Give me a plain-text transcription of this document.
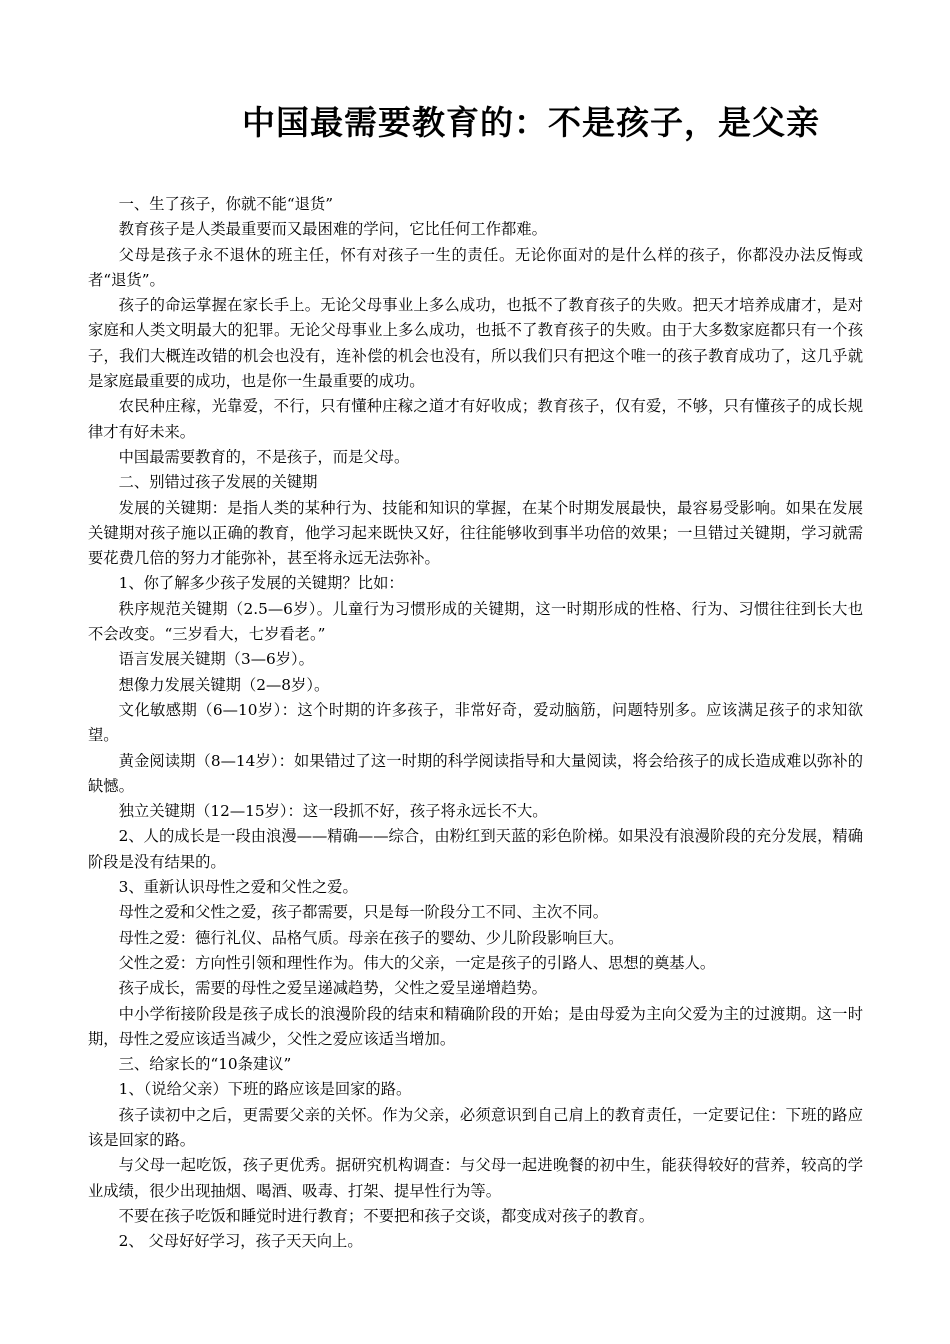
中国最需要教育的：不是孩子，是父亲

一、生了孩子，你就不能“退货”

教育孩子是人类最重要而又最困难的学问，它比任何工作都难。

父母是孩子永不退休的班主任，怀有对孩子一生的责任。无论你面对的是什么样的孩子，你都没办法反悔或者“退货”。

孩子的命运掌握在家长手上。无论父母事业上多么成功，也抵不了教育孩子的失败。把天才培养成庸才，是对家庭和人类文明最大的犯罪。无论父母事业上多么成功，也抵不了教育孩子的失败。由于大多数家庭都只有一个孩子，我们大概连改错的机会也没有，连补偿的机会也没有，所以我们只有把这个唯一的孩子教育成功了，这几乎就是家庭最重要的成功，也是你一生最重要的成功。

农民种庄稼，光靠爱，不行，只有懂种庄稼之道才有好收成；教育孩子，仅有爱，不够，只有懂孩子的成长规律才有好未来。

中国最需要教育的，不是孩子，而是父母。

二、别错过孩子发展的关键期

发展的关键期：是指人类的某种行为、技能和知识的掌握，在某个时期发展最快，最容易受影响。如果在发展关键期对孩子施以正确的教育，他学习起来既快又好，往往能够收到事半功倍的效果；一旦错过关键期，学习就需要花费几倍的努力才能弥补，甚至将永远无法弥补。

1、你了解多少孩子发展的关键期？比如：

秩序规范关键期（2.5—6岁）。儿童行为习惯形成的关键期，这一时期形成的性格、行为、习惯往往到长大也不会改变。“三岁看大，七岁看老。”

语言发展关键期（3—6岁）。

想像力发展关键期（2—8岁）。

文化敏感期（6—10岁）：这个时期的许多孩子，非常好奇，爱动脑筋，问题特别多。应该满足孩子的求知欲望。

黄金阅读期（8—14岁）：如果错过了这一时期的科学阅读指导和大量阅读，将会给孩子的成长造成难以弥补的缺憾。

独立关键期（12—15岁）：这一段抓不好，孩子将永远长不大。

2、人的成长是一段由浪漫——精确——综合，由粉红到天蓝的彩色阶梯。如果没有浪漫阶段的充分发展，精确阶段是没有结果的。

3、重新认识母性之爱和父性之爱。

母性之爱和父性之爱，孩子都需要，只是每一阶段分工不同、主次不同。

母性之爱：德行礼仪、品格气质。母亲在孩子的婴幼、少儿阶段影响巨大。

父性之爱：方向性引领和理性作为。伟大的父亲，一定是孩子的引路人、思想的奠基人。

孩子成长，需要的母性之爱呈递减趋势，父性之爱呈递增趋势。

中小学衔接阶段是孩子成长的浪漫阶段的结束和精确阶段的开始；是由母爱为主向父爱为主的过渡期。这一时期，母性之爱应该适当减少，父性之爱应该适当增加。

三、给家长的“10条建议”

1、（说给父亲）下班的路应该是回家的路。

孩子读初中之后，更需要父亲的关怀。作为父亲，必须意识到自己肩上的教育责任，一定要记住：下班的路应该是回家的路。

与父母一起吃饭，孩子更优秀。据研究机构调查：与父母一起进晚餐的初中生，能获得较好的营养，较高的学业成绩，很少出现抽烟、喝酒、吸毒、打架、提早性行为等。

不要在孩子吃饭和睡觉时进行教育；不要把和孩子交谈，都变成对孩子的教育。

2、 父母好好学习，孩子天天向上。
